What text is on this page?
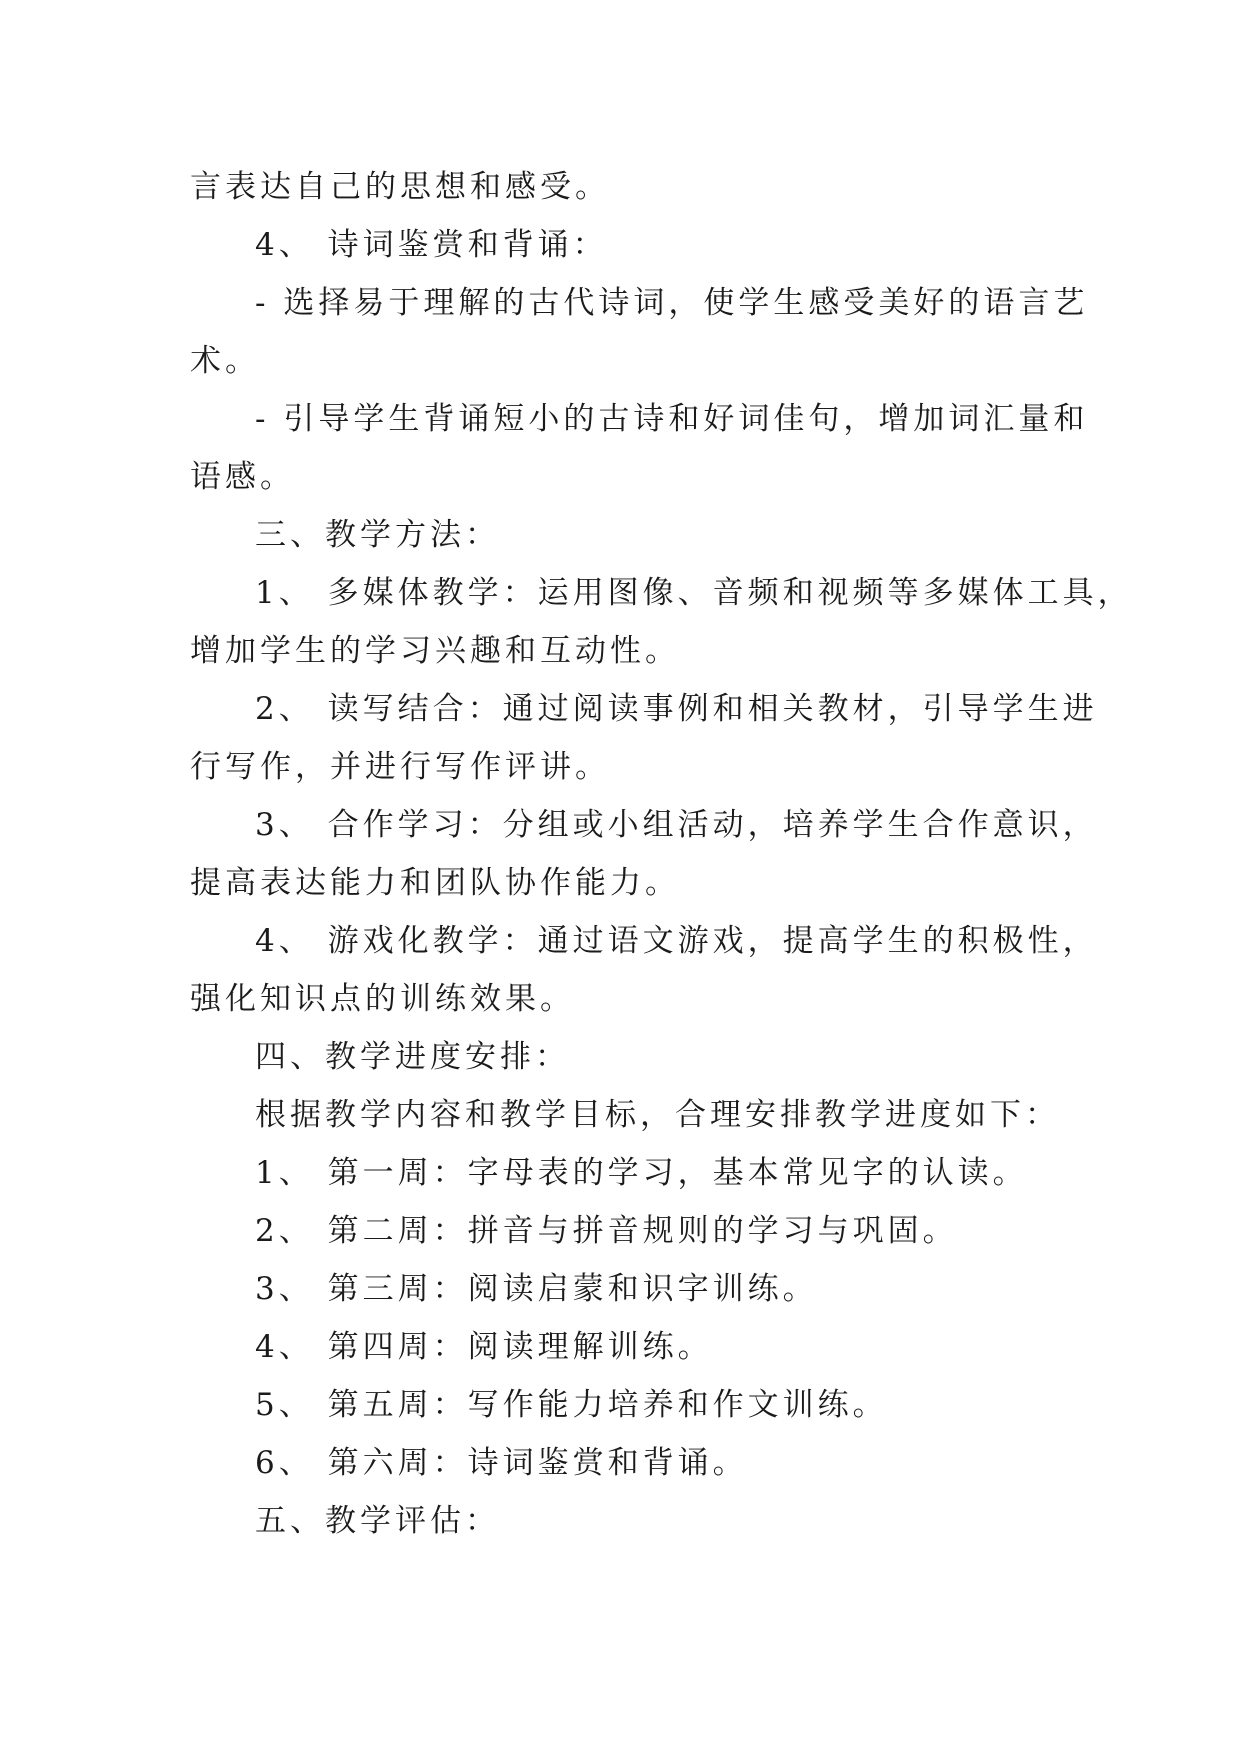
言表达自己的思想和感受。
4、 诗词鉴赏和背诵：
- 选择易于理解的古代诗词，使学生感受美好的语言艺
术。
- 引导学生背诵短小的古诗和好词佳句，增加词汇量和
语感。
三、教学方法：
1、 多媒体教学：运用图像、音频和视频等多媒体工具，
增加学生的学习兴趣和互动性。
2、 读写结合：通过阅读事例和相关教材，引导学生进
行写作，并进行写作评讲。
3、 合作学习：分组或小组活动，培养学生合作意识，
提高表达能力和团队协作能力。
4、 游戏化教学：通过语文游戏，提高学生的积极性，
强化知识点的训练效果。
四、教学进度安排：
根据教学内容和教学目标，合理安排教学进度如下：
1、 第一周：字母表的学习，基本常见字的认读。
2、 第二周：拼音与拼音规则的学习与巩固。
3、 第三周：阅读启蒙和识字训练。
4、 第四周：阅读理解训练。
5、 第五周：写作能力培养和作文训练。
6、 第六周：诗词鉴赏和背诵。
五、教学评估：
